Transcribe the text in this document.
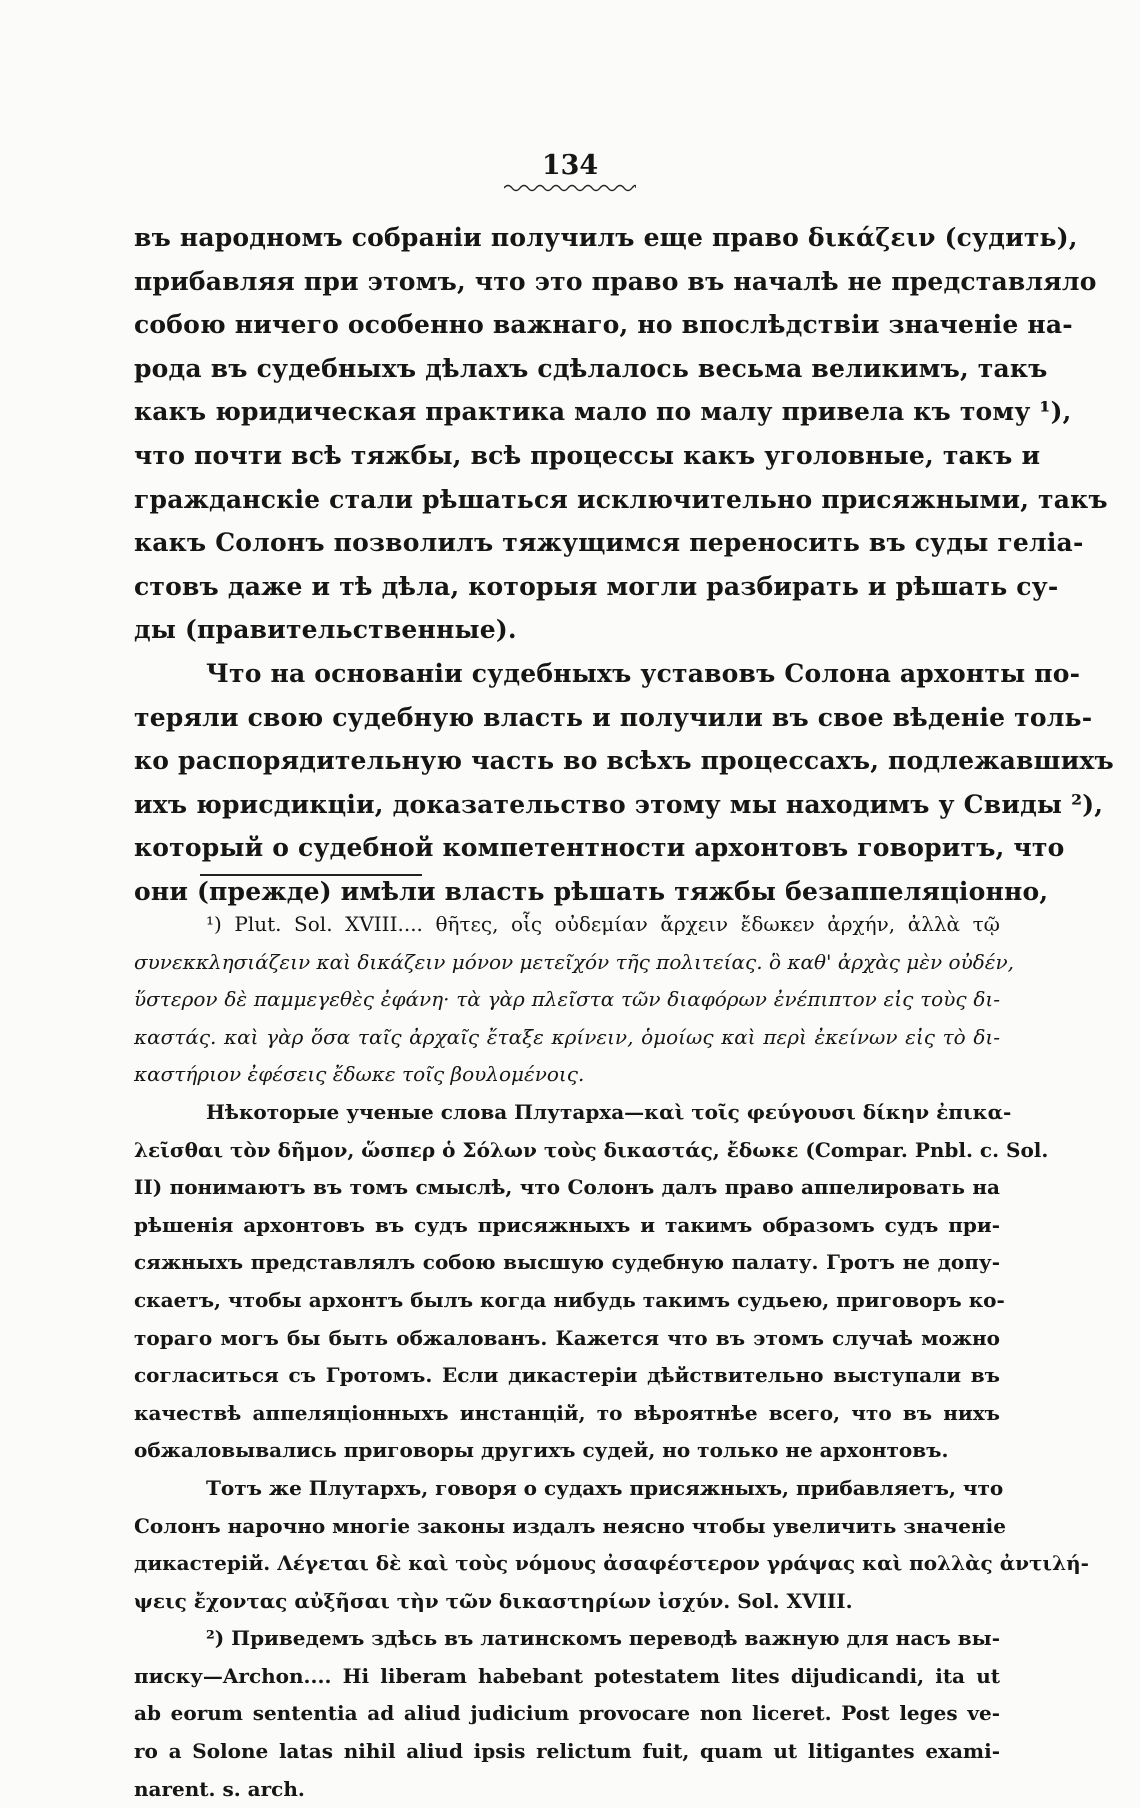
134
въ народномъ собраніи получилъ еще право δικάζειν (судить),
прибавляя при этомъ, что это право въ началѣ не представляло
собою ничего особенно важнаго, но впослѣдствіи значеніе на-
рода въ судебныхъ дѣлахъ сдѣлалось весьма великимъ, такъ
какъ юридическая практика мало по малу привела къ тому ¹),
что почти всѣ тяжбы, всѣ процессы какъ уголовные, такъ и
гражданскіе стали рѣшаться исключительно присяжными, такъ
какъ Солонъ позволилъ тяжущимся переносить въ суды геліа-
стовъ даже и тѣ дѣла, которыя могли разбирать и рѣшать су-
ды (правительственные).
Что на основаніи судебныхъ уставовъ Солона архонты по-
теряли свою судебную власть и получили въ свое вѣденіе толь-
ко распорядительную часть во всѣхъ процессахъ, подлежавшихъ
ихъ юрисдикціи, доказательство этому мы находимъ у Свиды ²),
который о судебной компетентности архонтовъ говоритъ, что
они (прежде) имѣли власть рѣшать тяжбы безаппеляціонно,
¹) Plut. Sol. XVIII.... θῆτες, οἷς οὐδεμίαν ἄρχειν ἔδωκεν ἀρχήν, ἀλλὰ τῷ
συνεκκλησιάζειν καὶ δικάζειν μόνον μετεῖχόν τῆς πολιτείας. ὃ καθ' ἀρχὰς μὲν οὐδέν,
ὕστερον δὲ παμμεγεθὲς ἐφάνη· τὰ γὰρ πλεῖστα τῶν διαφόρων ἐνέπιπτον εἰς τοὺς δι-
καστάς. καὶ γὰρ ὅσα ταῖς ἀρχαῖς ἔταξε κρίνειν, ὁμοίως καὶ περὶ ἐκείνων εἰς τὸ δι-
καστήριον ἐφέσεις ἔδωκε τοῖς βουλομένοις.
Нѣкоторые ученые слова Плутарха—καὶ τοῖς φεύγουσι δίκην ἐπικα-
λεῖσθαι τὸν δῆμον, ὥσπερ ὁ Σόλων τοὺς δικαστάς, ἔδωκε (Compar. Pnbl. c. Sol.
II) понимаютъ въ томъ смыслѣ, что Солонъ далъ право аппелировать на
рѣшенія архонтовъ въ судъ присяжныхъ и такимъ образомъ судъ при-
сяжныхъ представлялъ собою высшую судебную палату. Гротъ не допу-
скаетъ, чтобы архонтъ былъ когда нибудь такимъ судьею, приговоръ ко-
тораго могъ бы быть обжалованъ. Кажется что въ этомъ случаѣ можно
согласиться съ Гротомъ. Если дикастеріи дѣйствительно выступали въ
качествѣ аппеляціонныхъ инстанцій, то вѣроятнѣе всего, что въ нихъ
обжаловывались приговоры другихъ судей, но только не архонтовъ.
Тотъ же Плутархъ, говоря о судахъ присяжныхъ, прибавляетъ, что
Солонъ нарочно многіе законы издалъ неясно чтобы увеличить значеніе
дикастерій. Λέγεται δὲ καὶ τοὺς νόμους ἀσαφέστερον γράψας καὶ πολλὰς ἀντιλή-
ψεις ἔχοντας αὐξῆσαι τὴν τῶν δικαστηρίων ἰσχύν. Sol. XVIII.
²) Приведемъ здѣсь въ латинскомъ переводѣ важную для насъ вы-
писку—Archon.... Hi liberam habebant potestatem lites dijudicandi, ita ut
ab eorum sententia ad aliud judicium provocare non liceret. Post leges ve-
ro a Solone latas nihil aliud ipsis relictum fuit, quam ut litigantes exami-
narent. s. arch.
